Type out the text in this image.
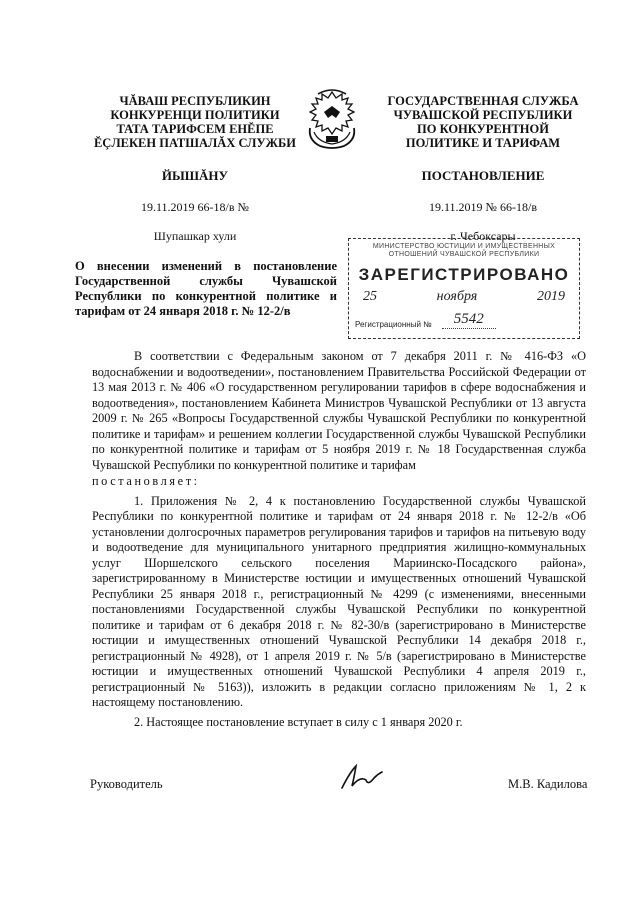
ЧĂВАШ РЕСПУБЛИКИН
КОНКУРЕНЦИ ПОЛИТИКИ
ТАТА ТАРИФСЕМ ЕНĔПЕ
ĔÇЛЕКЕН ПАТШАЛĂХ СЛУЖБИ
ГОСУДАРСТВЕННАЯ СЛУЖБА
ЧУВАШСКОЙ РЕСПУБЛИКИ
ПО КОНКУРЕНТНОЙ
ПОЛИТИКЕ И ТАРИФАМ
ЙЫШĂНУ	ПОСТАНОВЛЕНИЕ
19.11.2019 66-18/в №	19.11.2019 № 66-18/в
Шупашкар хули	г. Чебоксары
О внесении изменений в постановление Государственной службы Чувашской Республики по конкурентной политике и тарифам от 24 января 2018 г. № 12-2/в
МИНИСТЕРСТВО ЮСТИЦИИ И ИМУЩЕСТВЕННЫХ ОТНОШЕНИЙ ЧУВАШСКОЙ РЕСПУБЛИКИ
ЗАРЕГИСТРИРОВАНО
25	ноября	2019
Регистрационный №	5542

В соответствии с Федеральным законом от 7 декабря 2011 г. № 416-ФЗ «О водоснабжении и водоотведении», постановлением Правительства Российской Федерации от 13 мая 2013 г. № 406 «О государственном регулировании тарифов в сфере водоснабжения и водоотведения», постановлением Кабинета Министров Чувашской Республики от 13 августа 2009 г. № 265 «Вопросы Государственной службы Чувашской Республики по конкурентной политике и тарифам» и решением коллегии Государственной службы Чувашской Республики по конкурентной политике и тарифам от 5 ноября 2019 г. № 18 Государственная служба Чувашской Республики по конкурентной политике и тарифам

постановляет:

1. Приложения № 2, 4 к постановлению Государственной службы Чувашской Республики по конкурентной политике и тарифам от 24 января 2018 г. № 12-2/в «Об установлении долгосрочных параметров регулирования тарифов и тарифов на питьевую воду и водоотведение для муниципального унитарного предприятия жилищно-коммунальных услуг Шоршелского сельского поселения Мариинско-Посадского района», зарегистрированному в Министерстве юстиции и имущественных отношений Чувашской Республики 25 января 2018 г., регистрационный № 4299 (с изменениями, внесенными постановлениями Государственной службы Чувашской Республики по конкурентной политике и тарифам от 6 декабря 2018 г. № 82-30/в (зарегистрировано в Министерстве юстиции и имущественных отношений Чувашской Республики 14 декабря 2018 г., регистрационный № 4928), от 1 апреля 2019 г. № 5/в (зарегистрировано в Министерстве юстиции и имущественных отношений Чувашской Республики 4 апреля 2019 г., регистрационный № 5163)), изложить в редакции согласно приложениям № 1, 2 к настоящему постановлению.

2. Настоящее постановление вступает в силу с 1 января 2020 г.

Руководитель	М.В. Кадилова
